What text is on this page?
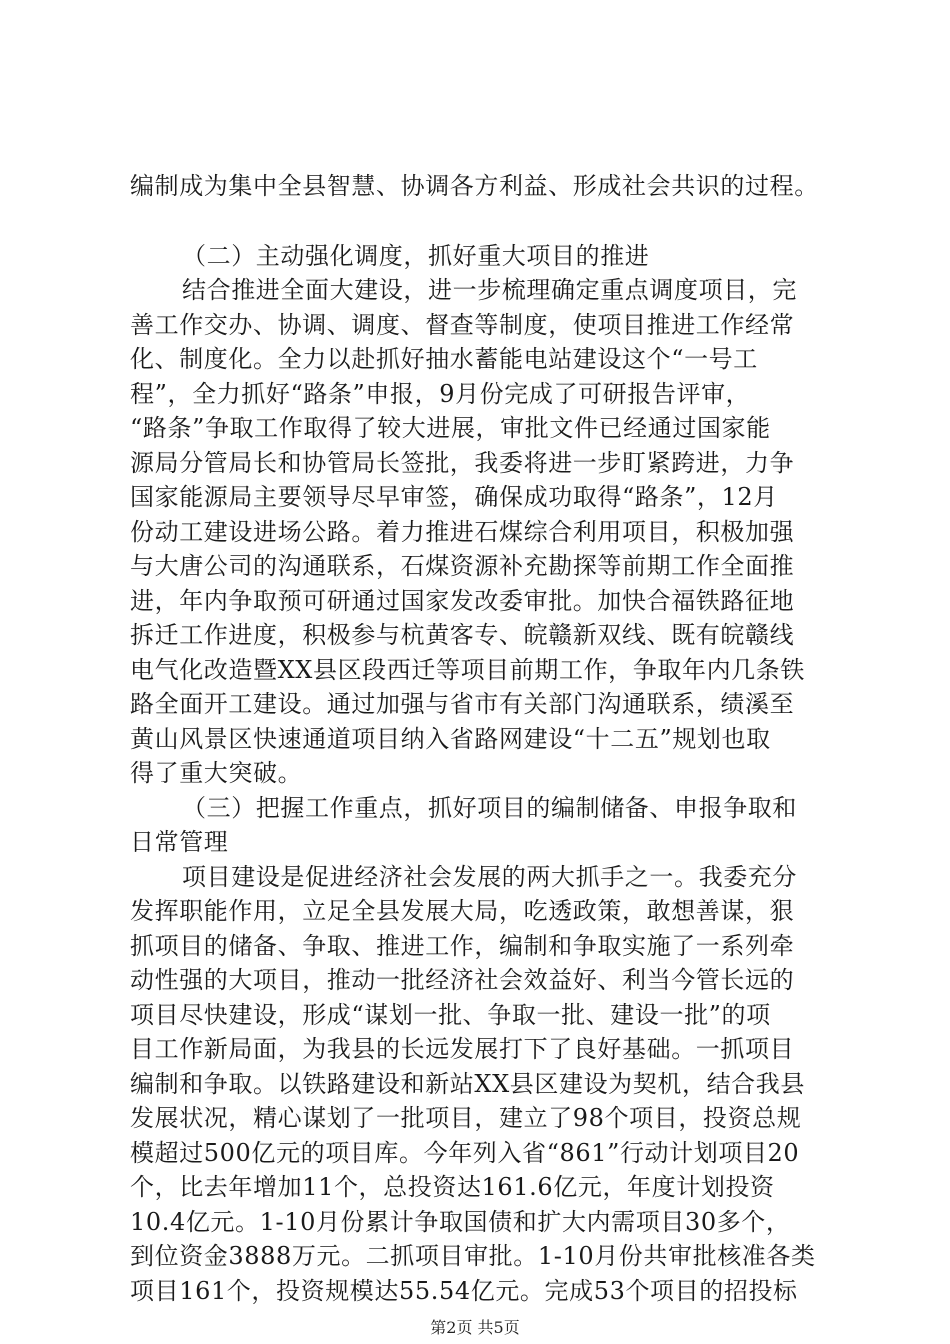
编制成为集中全县智慧、协调各方利益、形成社会共识的过程。
（二）主动强化调度，抓好重大项目的推进
结合推进全面大建设，进一步梳理确定重点调度项目，完
善工作交办、协调、调度、督查等制度，使项目推进工作经常
化、制度化。全力以赴抓好抽水蓄能电站建设这个“一号工
程”，全力抓好“路条”申报，9月份完成了可研报告评审，
“路条”争取工作取得了较大进展，审批文件已经通过国家能
源局分管局长和协管局长签批，我委将进一步盯紧跨进，力争
国家能源局主要领导尽早审签，确保成功取得“路条”，12月
份动工建设进场公路。着力推进石煤综合利用项目，积极加强
与大唐公司的沟通联系，石煤资源补充勘探等前期工作全面推
进，年内争取预可研通过国家发改委审批。加快合福铁路征地
拆迁工作进度，积极参与杭黄客专、皖赣新双线、既有皖赣线
电气化改造暨XX县区段西迁等项目前期工作，争取年内几条铁
路全面开工建设。通过加强与省市有关部门沟通联系，绩溪至
黄山风景区快速通道项目纳入省路网建设“十二五”规划也取
得了重大突破。
（三）把握工作重点，抓好项目的编制储备、申报争取和
日常管理
项目建设是促进经济社会发展的两大抓手之一。我委充分
发挥职能作用，立足全县发展大局，吃透政策，敢想善谋，狠
抓项目的储备、争取、推进工作，编制和争取实施了一系列牵
动性强的大项目，推动一批经济社会效益好、利当今管长远的
项目尽快建设，形成“谋划一批、争取一批、建设一批”的项
目工作新局面，为我县的长远发展打下了良好基础。一抓项目
编制和争取。以铁路建设和新站XX县区建设为契机，结合我县
发展状况，精心谋划了一批项目，建立了98个项目，投资总规
模超过500亿元的项目库。今年列入省“861”行动计划项目20
个，比去年增加11个，总投资达161.6亿元，年度计划投资
10.4亿元。1-10月份累计争取国债和扩大内需项目30多个，
到位资金3888万元。二抓项目审批。1-10月份共审批核准各类
项目161个，投资规模达55.54亿元。完成53个项目的招投标
第2页 共5页
